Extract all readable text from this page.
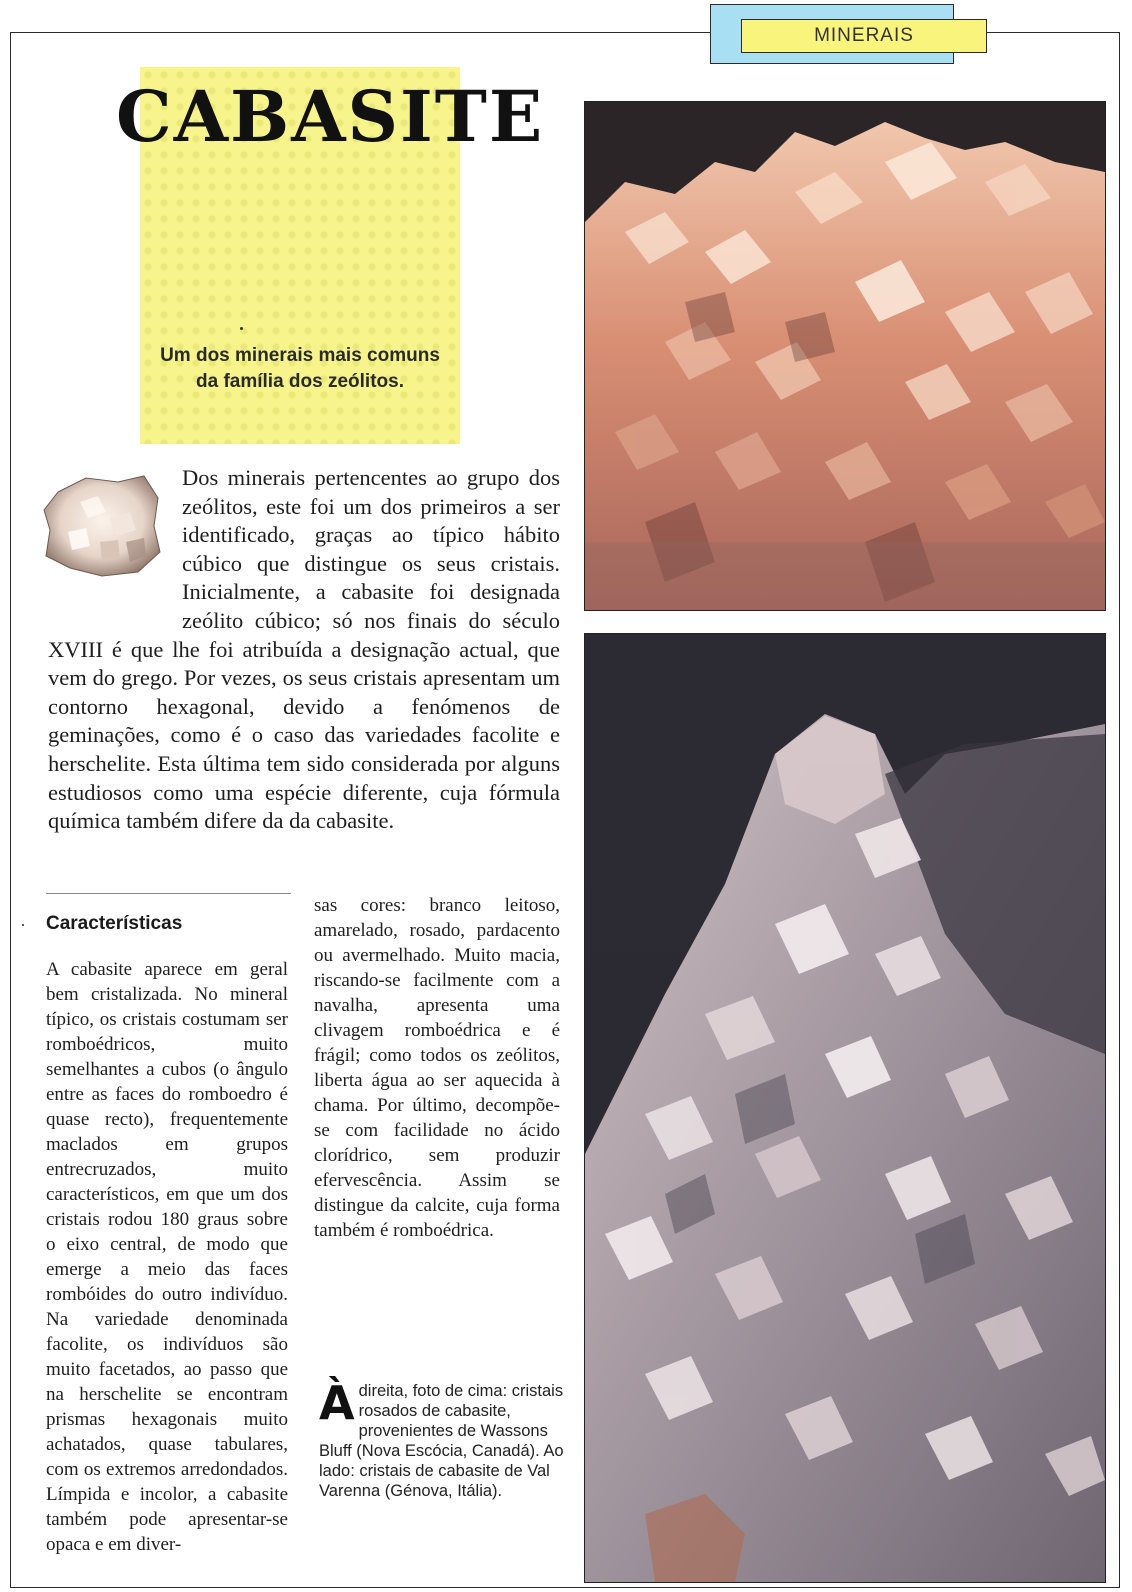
MINERAIS
CABASITE

Um dos minerais mais comuns da família dos zeólitos.

Dos minerais pertencentes ao grupo dos zeólitos, este foi um dos primeiros a ser identificado, graças ao típico hábito cúbico que distingue os seus cristais. Inicialmente, a cabasite foi designada zeólito cúbico; só nos finais do século XVIII é que lhe foi atribuída a designação actual, que vem do grego. Por vezes, os seus cristais apresentam um contorno hexagonal, devido a fenómenos de geminações, como é o caso das variedades facolite e herschelite. Esta última tem sido considerada por alguns estudiosos como uma espécie diferente, cuja fórmula química também difere da da cabasite.
Características

A cabasite aparece em geral bem cristalizada. No mineral típico, os cristais costumam ser romboédricos, muito semelhantes a cubos (o ângulo entre as faces do romboedro é quase recto), frequentemente maclados em grupos entrecruzados, muito característicos, em que um dos cristais rodou 180 graus sobre o eixo central, de modo que emerge a meio das faces rombóides do outro indivíduo. Na variedade denominada facolite, os indivíduos são muito facetados, ao passo que na herschelite se encontram prismas hexagonais muito achatados, quase tabulares, com os extremos arredondados. Límpida e incolor, a cabasite também pode apresentar-se opaca e em diver-

sas cores: branco leitoso, amarelado, rosado, pardacento ou avermelhado. Muito macia, riscando-se facilmente com a navalha, apresenta uma clivagem romboédrica e é frágil; como todos os zeólitos, liberta água ao ser aquecida à chama. Por último, decompõe-se com facilidade no ácido clorídrico, sem produzir efervescência. Assim se distingue da calcite, cuja forma também é romboédrica.

Àdireita, foto de cima: cristais rosados de cabasite, provenientes de Wassons Bluff (Nova Escócia, Canadá). Ao lado: cristais de cabasite de Val Varenna (Génova, Itália).
